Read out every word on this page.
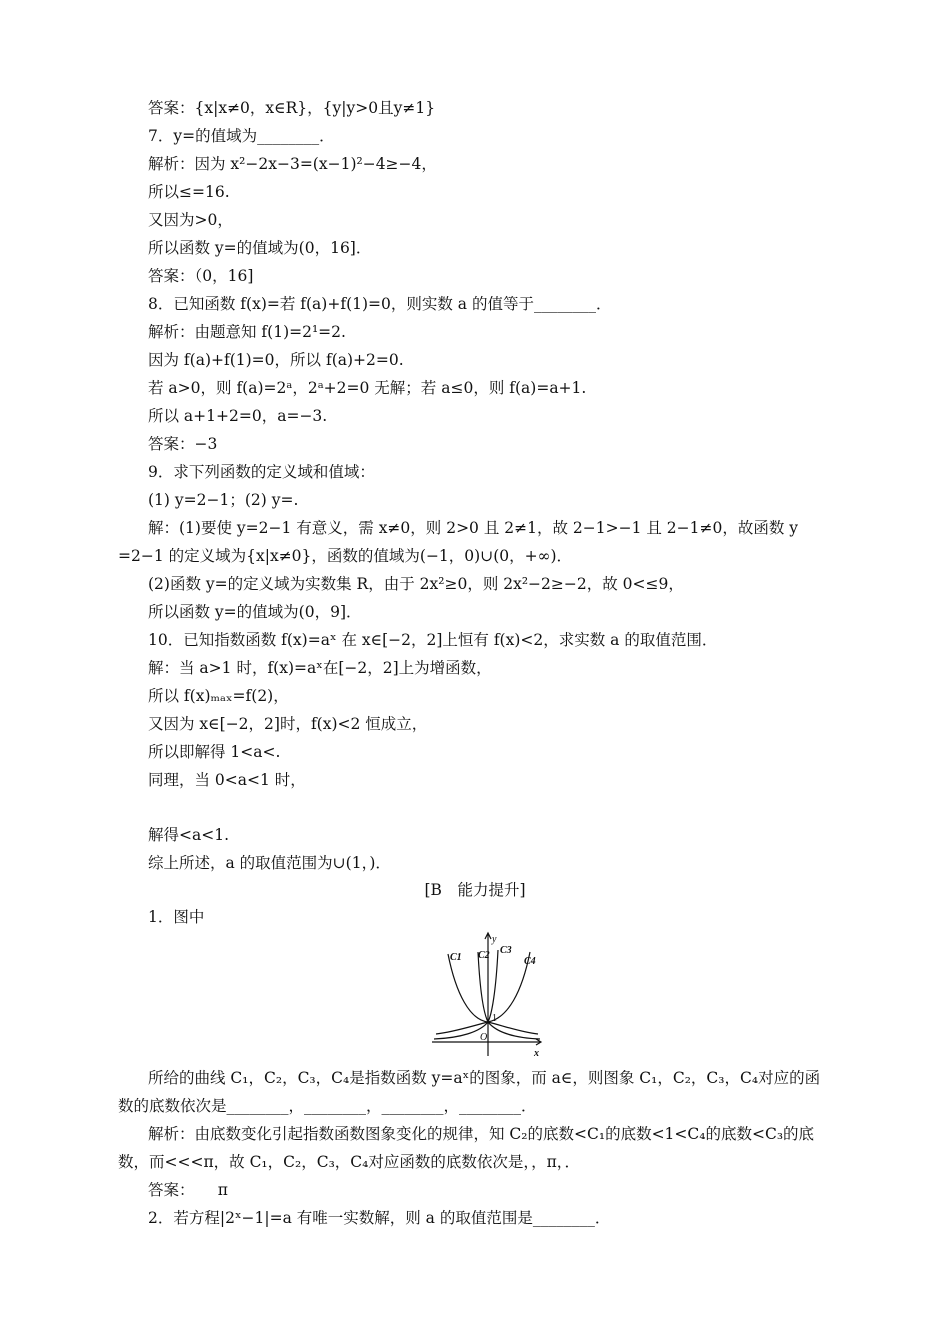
答案：{x|x≠0，x∈R}，{y|y>0且y≠1}
7．y=的值域为________．
解析：因为 x²−2x−3=(x−1)²−4≥−4，
所以≤=16.
又因为>0，
所以函数 y=的值域为(0，16]．
答案：（0，16]
8．已知函数 f(x)=若 f(a)+f(1)=0，则实数 a 的值等于________．
解析：由题意知 f(1)=2¹=2.
因为 f(a)+f(1)=0，所以 f(a)+2=0.
若 a>0，则 f(a)=2ᵃ，2ᵃ+2=0 无解；若 a≤0，则 f(a)=a+1.
所以 a+1+2=0，a=−3.
答案：−3
9．求下列函数的定义域和值域：
(1) y=2−1；(2) y=.
解：(1)要使 y=2−1 有意义，需 x≠0，则 2>0 且 2≠1，故 2−1>−1 且 2−1≠0，故函数 y
=2−1 的定义域为{x|x≠0}，函数的值域为(−1，0)∪(0，+∞)．
(2)函数 y=的定义域为实数集 R，由于 2x²≥0，则 2x²−2≥−2，故 0<≤9，
所以函数 y=的值域为(0，9]．
10．已知指数函数 f(x)=aˣ 在 x∈[−2，2]上恒有 f(x)<2，求实数 a 的取值范围．
解：当 a>1 时，f(x)=aˣ在[−2，2]上为增函数，
所以 f(x)ₘₐₓ=f(2)，
又因为 x∈[−2，2]时，f(x)<2 恒成立，
所以即解得 1<a<.
同理，当 0<a<1 时，
解得<a<1.
综上所述，a 的取值范围为∪(1，)．
[B　能力提升]
1．图中
y
x
O
1
C1 C2 C3
C4
所给的曲线 C₁，C₂，C₃，C₄是指数函数 y=aˣ的图象，而 a∈，则图象 C₁，C₂，C₃，C₄对应的函
数的底数依次是________，________，________，________．
解析：由底数变化引起指数函数图象变化的规律，知 C₂的底数<C₁的底数<1<C₄的底数<C₃的底
数，而<<<π，故 C₁，C₂，C₃，C₄对应函数的底数依次是，，π，．
答案：　　π
2．若方程|2ˣ−1|=a 有唯一实数解，则 a 的取值范围是________．
